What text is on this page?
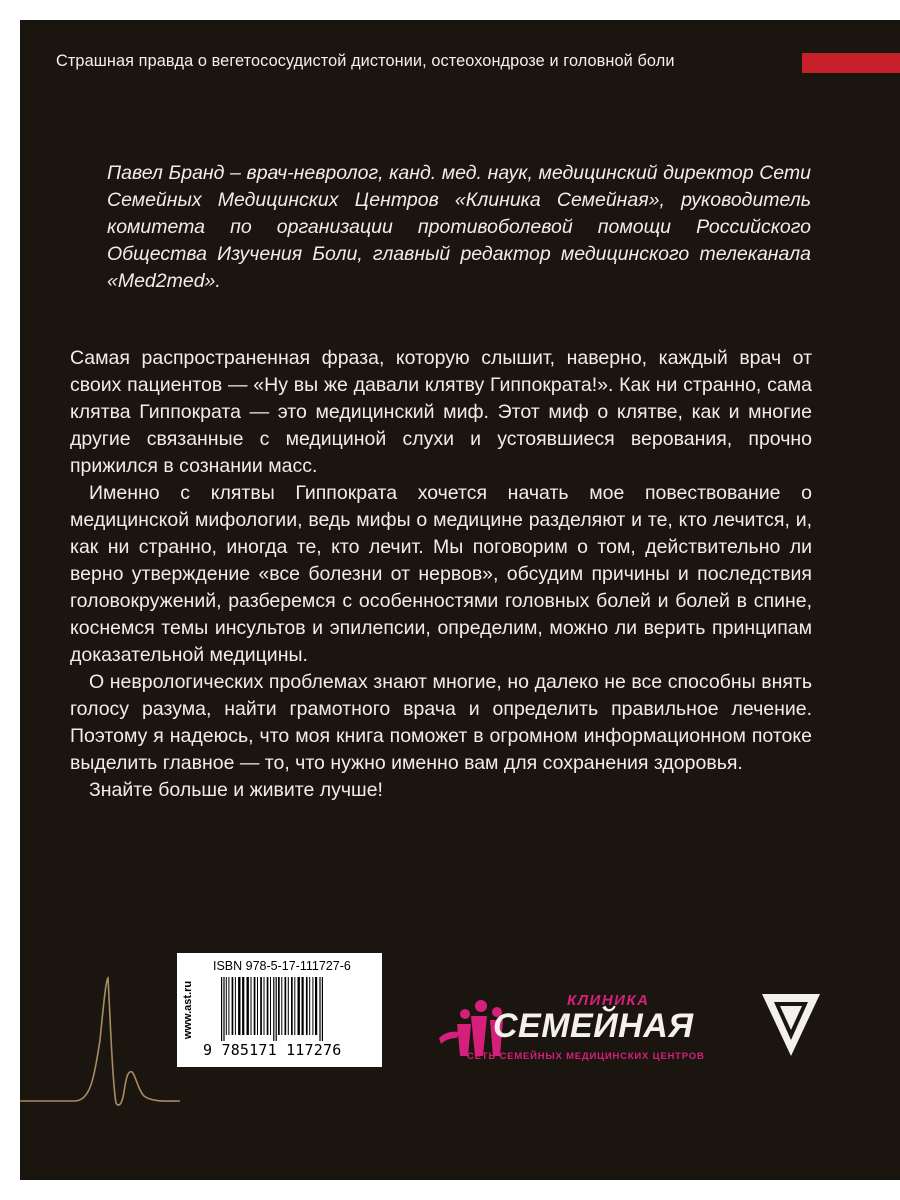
Страшная правда о вегетососудистой дистонии, остеохондрозе и головной боли

Павел Бранд – врач-невролог, канд. мед. наук, медицинский директор Сети Семейных Медицинских Центров «Клиника Семейная», руководитель комитета по организации противоболевой помощи Российского Общества Изучения Боли, главный редактор медицинского телеканала «Med2med».

Самая распространенная фраза, которую слышит, наверно, каждый врач от своих пациентов — «Ну вы же давали клятву Гиппократа!». Как ни странно, сама клятва Гиппократа — это медицинский миф. Этот миф о клятве, как и многие другие связанные с медициной слухи и устоявшиеся верования, прочно прижился в сознании масс.

Именно с клятвы Гиппократа хочется начать мое повествование о медицинской мифологии, ведь мифы о медицине разделяют и те, кто лечится, и, как ни странно, иногда те, кто лечит. Мы поговорим о том, действительно ли верно утверждение «все болезни от нервов», обсудим причины и последствия головокружений, разберемся с особенностями головных болей и болей в спине, коснемся темы инсультов и эпилепсии, определим, можно ли верить принципам доказательной медицины.

О неврологических проблемах знают многие, но далеко не все способны внять голосу разума, найти грамотного врача и определить правильное лечение. Поэтому я надеюсь, что моя книга поможет в огромном информационном потоке выделить главное — то, что нужно именно вам для сохранения здоровья.

Знайте больше и живите лучше!

www.ast.ru
ISBN 978-5-17-111727-6
9 785171 117276
КЛИНИКА
СЕМЕЙНАЯ
СЕТЬ СЕМЕЙНЫХ МЕДИЦИНСКИХ ЦЕНТРОВ
